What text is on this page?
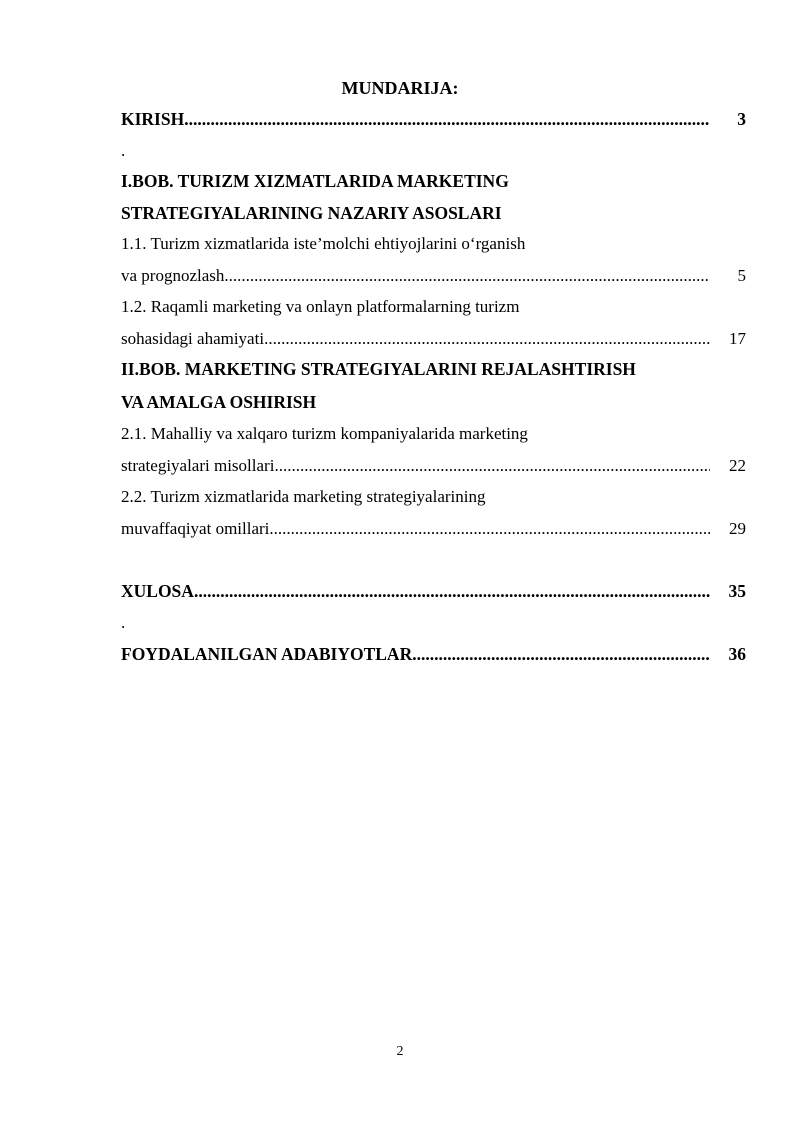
MUNDARIJA:
KIRISH .....	3
.
I.BOB. TURIZM XIZMATLARIDA MARKETING
STRATEGIYALARINING NAZARIY ASOSLARI
1.1. Turizm xizmatlarida iste’molchi ehtiyojlarini o‘rganish
va prognozlash .....	5
1.2. Raqamli marketing va onlayn platformalarning turizm
sohasidagi ahamiyati .....	17
II.BOB. MARKETING STRATEGIYALARINI REJALASHTIRISH
VA AMALGA OSHIRISH
2.1. Mahalliy va xalqaro turizm kompaniyalarida marketing
strategiyalari misollari .....	22
2.2. Turizm xizmatlarida marketing strategiyalarining
muvaffaqiyat omillari .....	29
XULOSA .....	35
.
FOYDALANILGAN ADABIYOTLAR .....	36
2
